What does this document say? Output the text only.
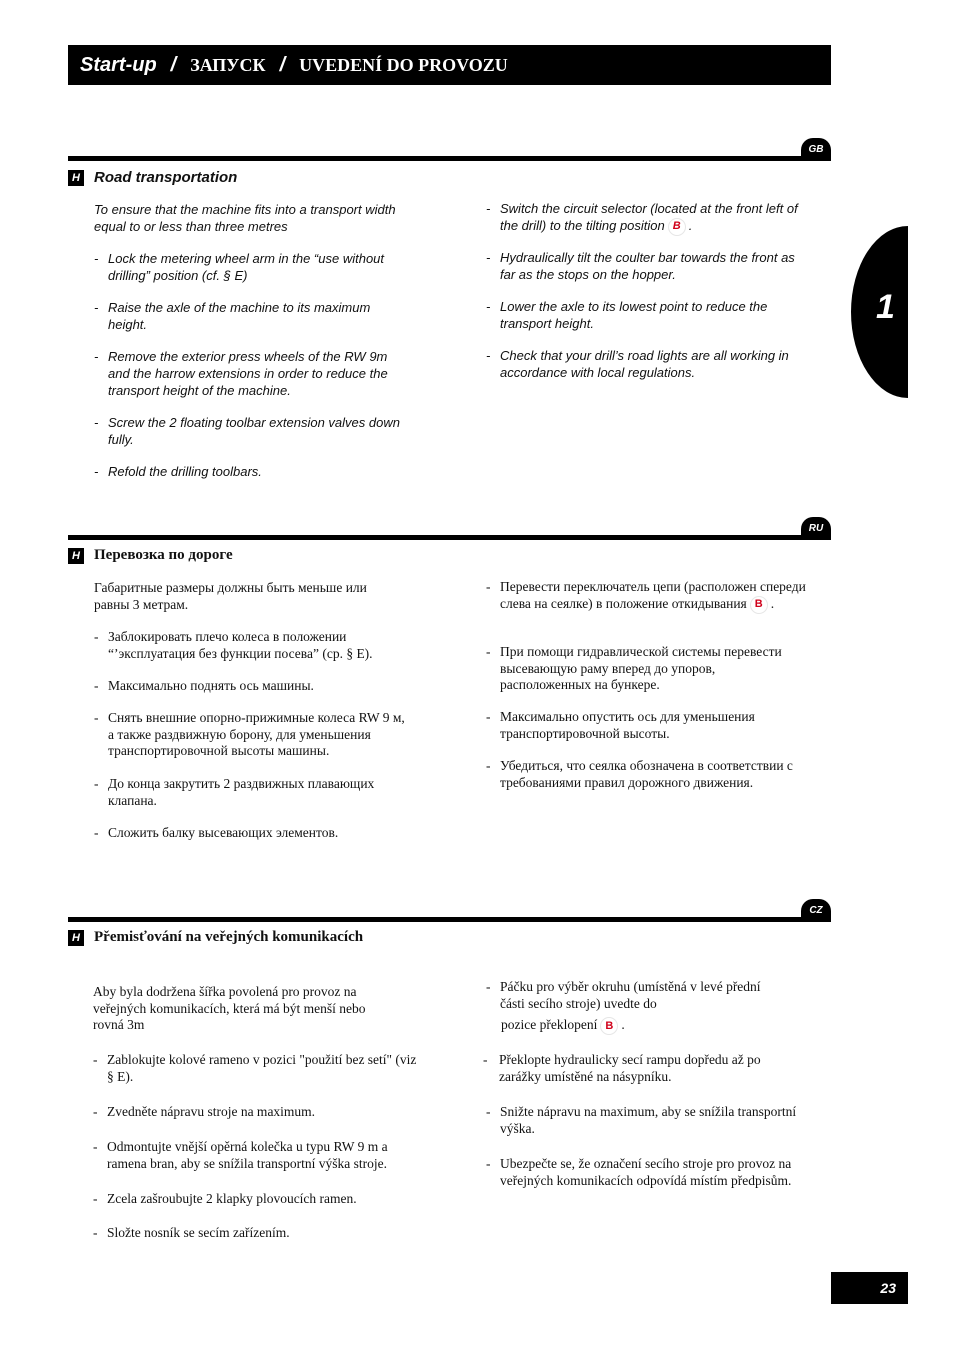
Start-up / ЗАПУСК / UVEDENÍ DO PROVOZU
1
GB
H Road transportation

To ensure that the machine fits into a transport width equal to or less than three metres

- Lock the metering wheel arm in the “use without drilling” position (cf. § E)
- Raise the axle of the machine to its maximum height.
- Remove the exterior press wheels of the RW 9m and the harrow extensions in order to reduce the transport height of the machine.
- Screw the 2 floating toolbar extension valves down fully.
- Refold the drilling toolbars.
- Switch the circuit selector (located at the front left of the drill) to the tilting position B .
- Hydraulically tilt the coulter bar towards the front as far as the stops on the hopper.
- Lower the axle to its lowest point to reduce the transport height.
- Check that your drill’s road lights are all working in accordance with local regulations.
RU
H Перевозка по дороге

Габаритные размеры должны быть меньше или равны 3 метрам.

- Заблокировать плечо колеса в положении “’эксплуатация без функции посева” (ср. § E).
- Максимально поднять ось машины.
- Снять внешние опорно-прижимные колеса RW 9 м, а также раздвижную борону, для уменьшения транспортировочной высоты машины.
- До конца закрутить 2 раздвижных плавающих клапана.
- Сложить балку высевающих элементов.
- Перевести переключатель цепи (расположен спереди слева на сеялке) в положение откидывания B .
- При помощи гидравлической системы перевести высевающую раму вперед до упоров, расположенных на бункере.
- Максимально опустить ось для уменьшения транспортировочной высоты.
- Убедиться, что сеялка обозначена в соответствии с требованиями правил дорожного движения.
CZ
H Přemisťování na veřejných komunikacích

Aby byla dodržena šířka povolená pro provoz na veřejných komunikacích, která má být menší nebo rovná 3m

- Zablokujte kolové rameno v pozici "použití bez setí" (viz § E).
- Zvedněte nápravu stroje na maximum.
- Odmontujte vnější opěrná kolečka u typu RW 9 m a ramena bran, aby se snížila transportní výška stroje.
- Zcela zašroubujte 2 klapky plovoucích ramen.
- Složte nosník se secím zařízením.
- Páčku pro výběr okruhu (umístěná v levé přední části secího stroje) uvedte do
pozice překlopení B .
- Překlopte hydraulicky secí rampu dopředu až po zarážky umístěné na násypníku.
- Snižte nápravu na maximum, aby se snížila transportní výška.
- Ubezpečte se, že označení secího stroje pro provoz na veřejných komunikacích odpovídá místím předpisům.
23
